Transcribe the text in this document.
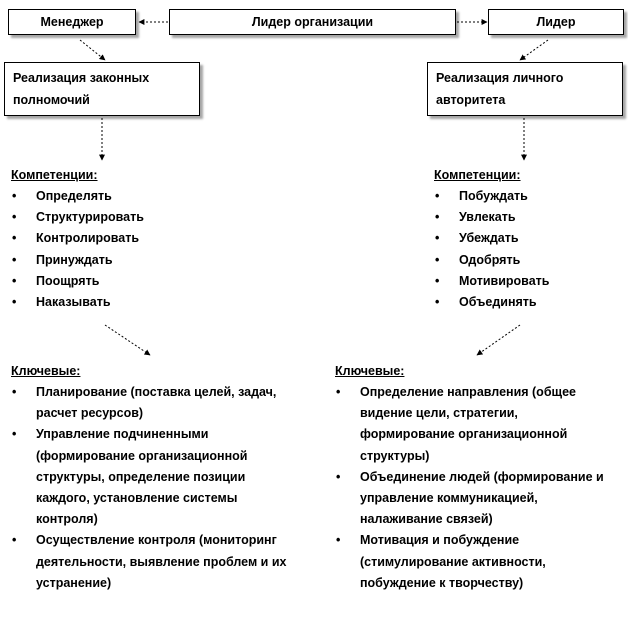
Менеджер	Лидер организации	Лидер
Реализация законных
полномочий
Реализация личного
авторитета
Компетенции:
• Определять
• Структурировать
• Контролировать
• Принуждать
• Поощрять
• Наказывать
Компетенции:
• Побуждать
• Увлекать
• Убеждать
• Одобрять
• Мотивировать
• Объединять
Ключевые:
• Планирование (поставка целей, задач,
расчет ресурсов)
• Управление подчиненными
(формирование организационной
структуры, определение позиции
каждого, установление системы
контроля)
• Осуществление контроля (мониторинг
деятельности, выявление проблем и их
устранение)
Ключевые:
• Определение направления (общее
видение цели, стратегии,
формирование организационной
структуры)
• Объединение людей (формирование и
управление коммуникацией,
налаживание связей)
• Мотивация и побуждение
(стимулирование активности,
побуждение к творчеству)
